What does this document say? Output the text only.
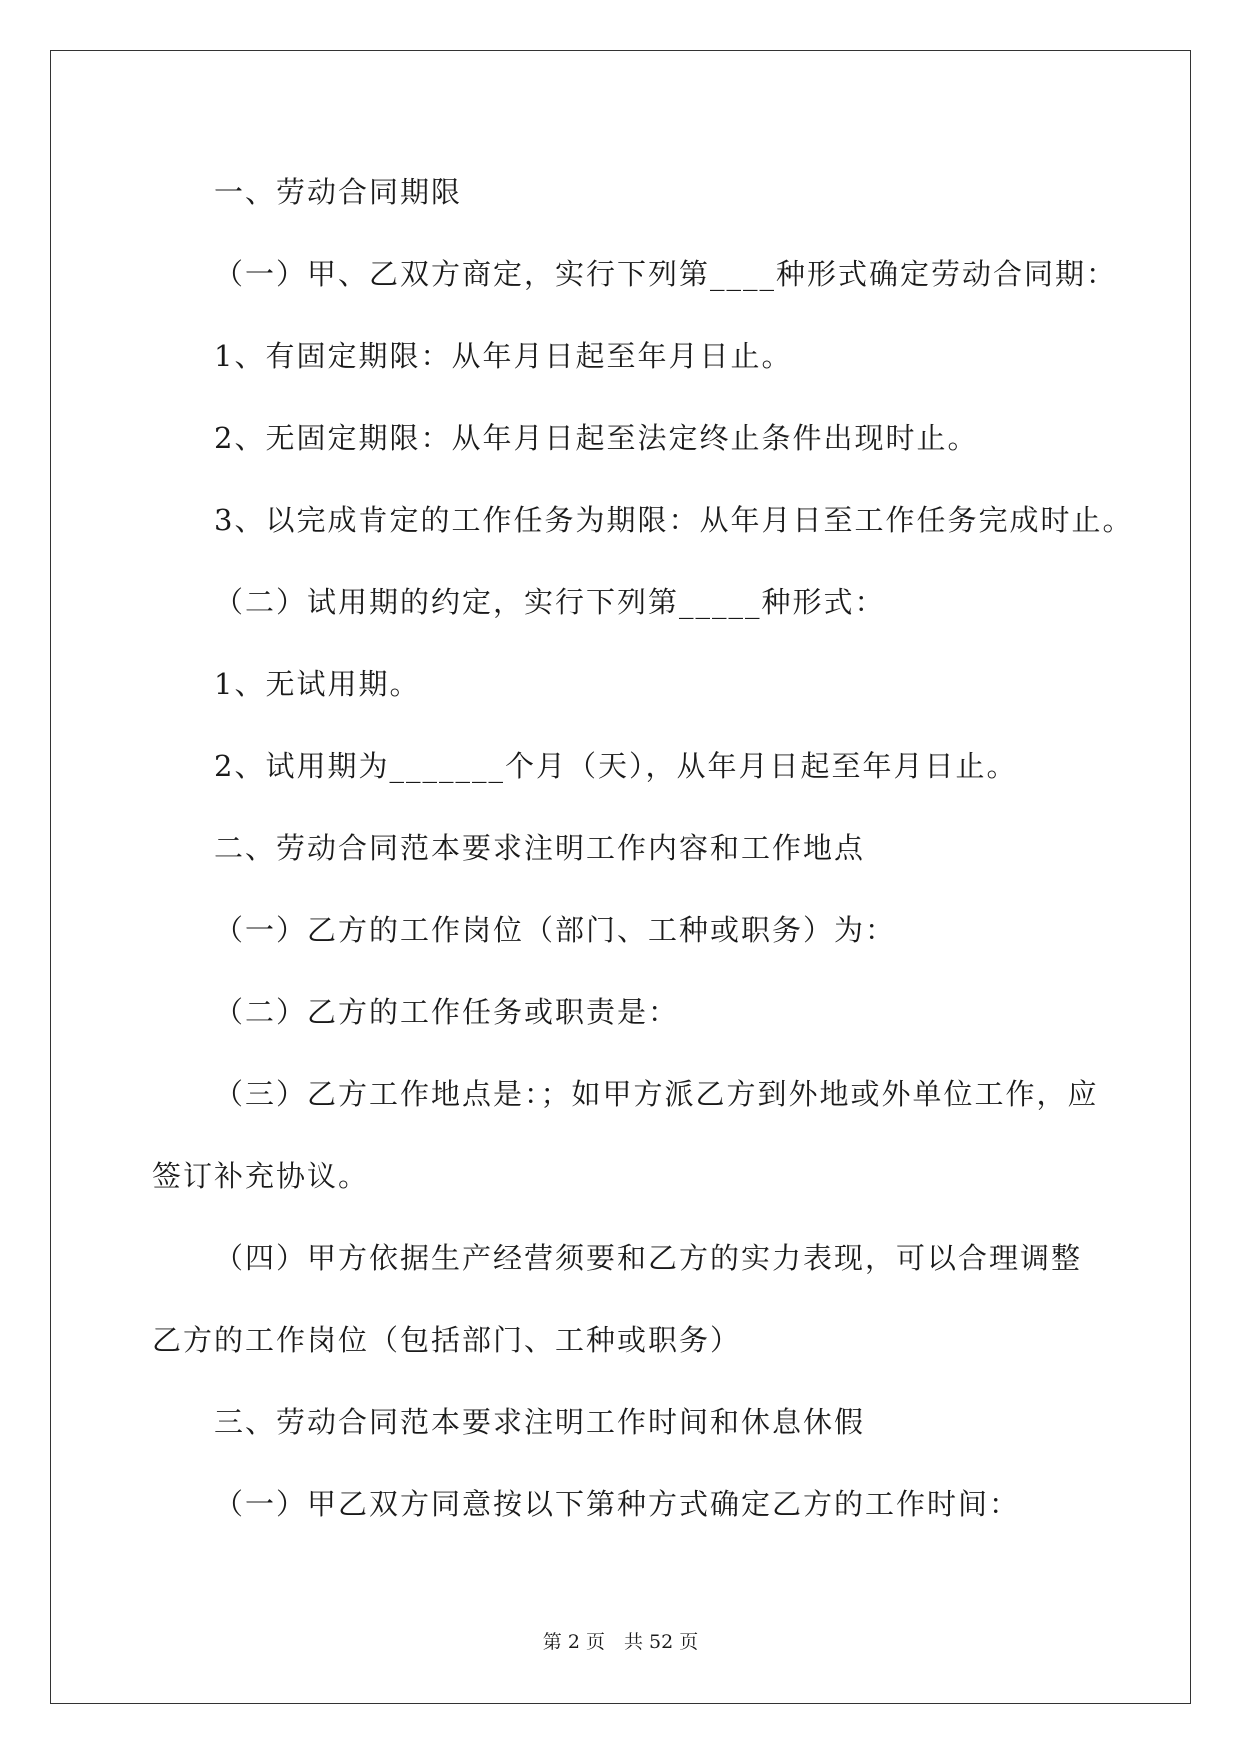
一、劳动合同期限
（一）甲、乙双方商定，实行下列第____种形式确定劳动合同期：
1、有固定期限：从年月日起至年月日止。
2、无固定期限：从年月日起至法定终止条件出现时止。
3、以完成肯定的工作任务为期限：从年月日至工作任务完成时止。
（二）试用期的约定，实行下列第_____种形式：
1、无试用期。
2、试用期为_______个月（天），从年月日起至年月日止。
二、劳动合同范本要求注明工作内容和工作地点
（一）乙方的工作岗位（部门、工种或职务）为：
（二）乙方的工作任务或职责是：
（三）乙方工作地点是：；如甲方派乙方到外地或外单位工作，应
签订补充协议。
（四）甲方依据生产经营须要和乙方的实力表现，可以合理调整
乙方的工作岗位（包括部门、工种或职务）
三、劳动合同范本要求注明工作时间和休息休假
（一）甲乙双方同意按以下第种方式确定乙方的工作时间：
第 2 页　共 52 页
